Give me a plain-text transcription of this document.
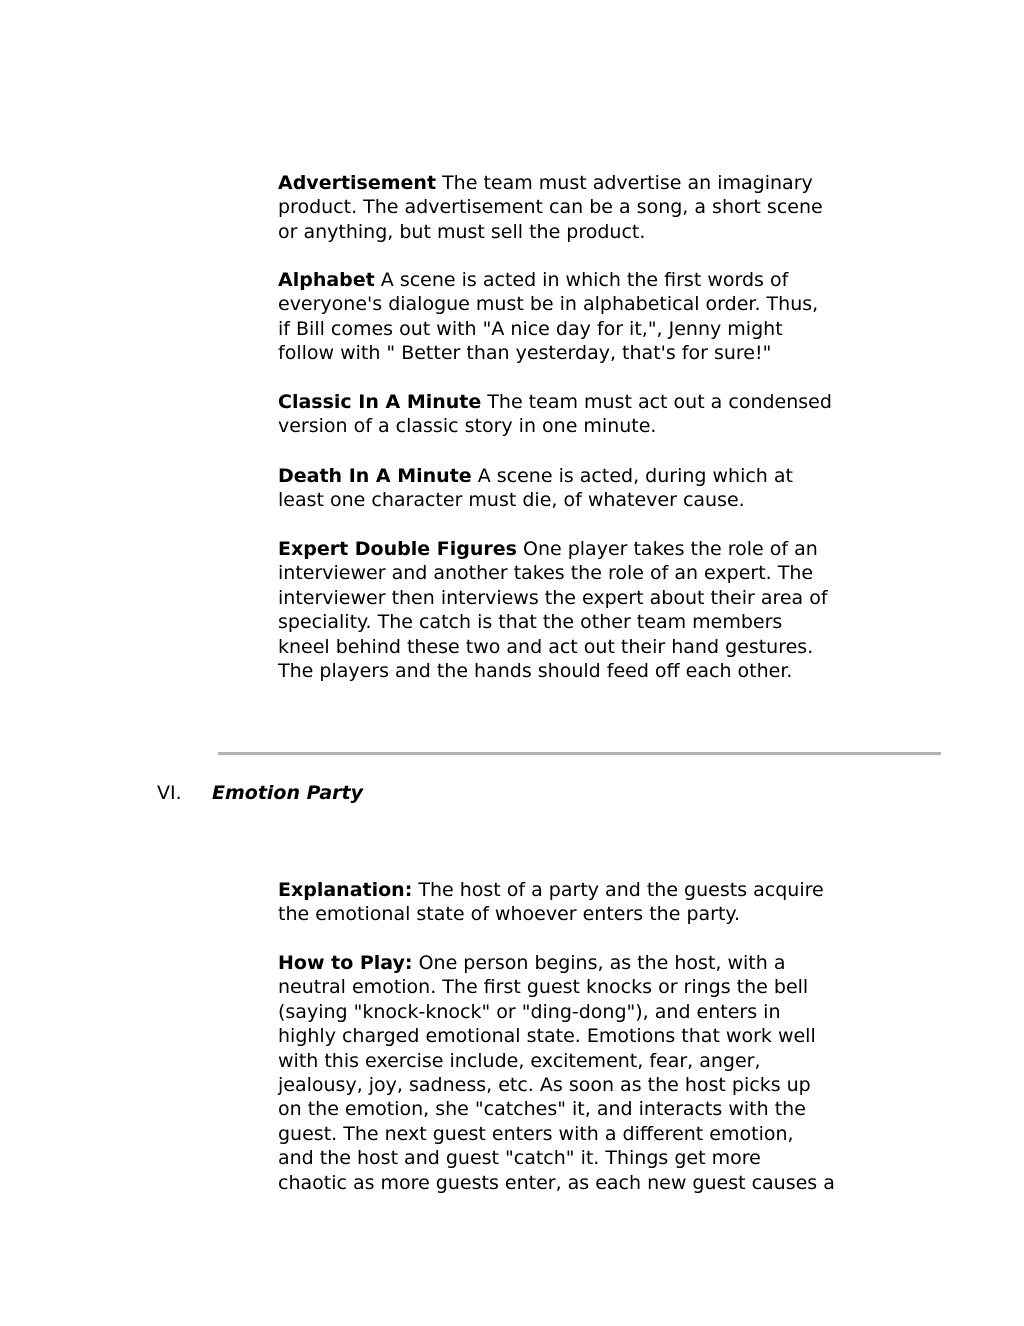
Advertisement The team must advertise an imaginary
product. The advertisement can be a song, a short scene
or anything, but must sell the product.

Alphabet A scene is acted in which the first words of
everyone's dialogue must be in alphabetical order. Thus,
if Bill comes out with "A nice day for it,", Jenny might
follow with " Better than yesterday, that's for sure!"

Classic In A Minute The team must act out a condensed
version of a classic story in one minute.

Death In A Minute A scene is acted, during which at
least one character must die, of whatever cause.

Expert Double Figures One player takes the role of an
interviewer and another takes the role of an expert. The
interviewer then interviews the expert about their area of
speciality. The catch is that the other team members
kneel behind these two and act out their hand gestures.
The players and the hands should feed off each other.

VI. Emotion Party

Explanation: The host of a party and the guests acquire
the emotional state of whoever enters the party.

How to Play: One person begins, as the host, with a
neutral emotion. The first guest knocks or rings the bell
(saying "knock-knock" or "ding-dong"), and enters in
highly charged emotional state. Emotions that work well
with this exercise include, excitement, fear, anger,
jealousy, joy, sadness, etc. As soon as the host picks up
on the emotion, she "catches" it, and interacts with the
guest. The next guest enters with a different emotion,
and the host and guest "catch" it. Things get more
chaotic as more guests enter, as each new guest causes a
